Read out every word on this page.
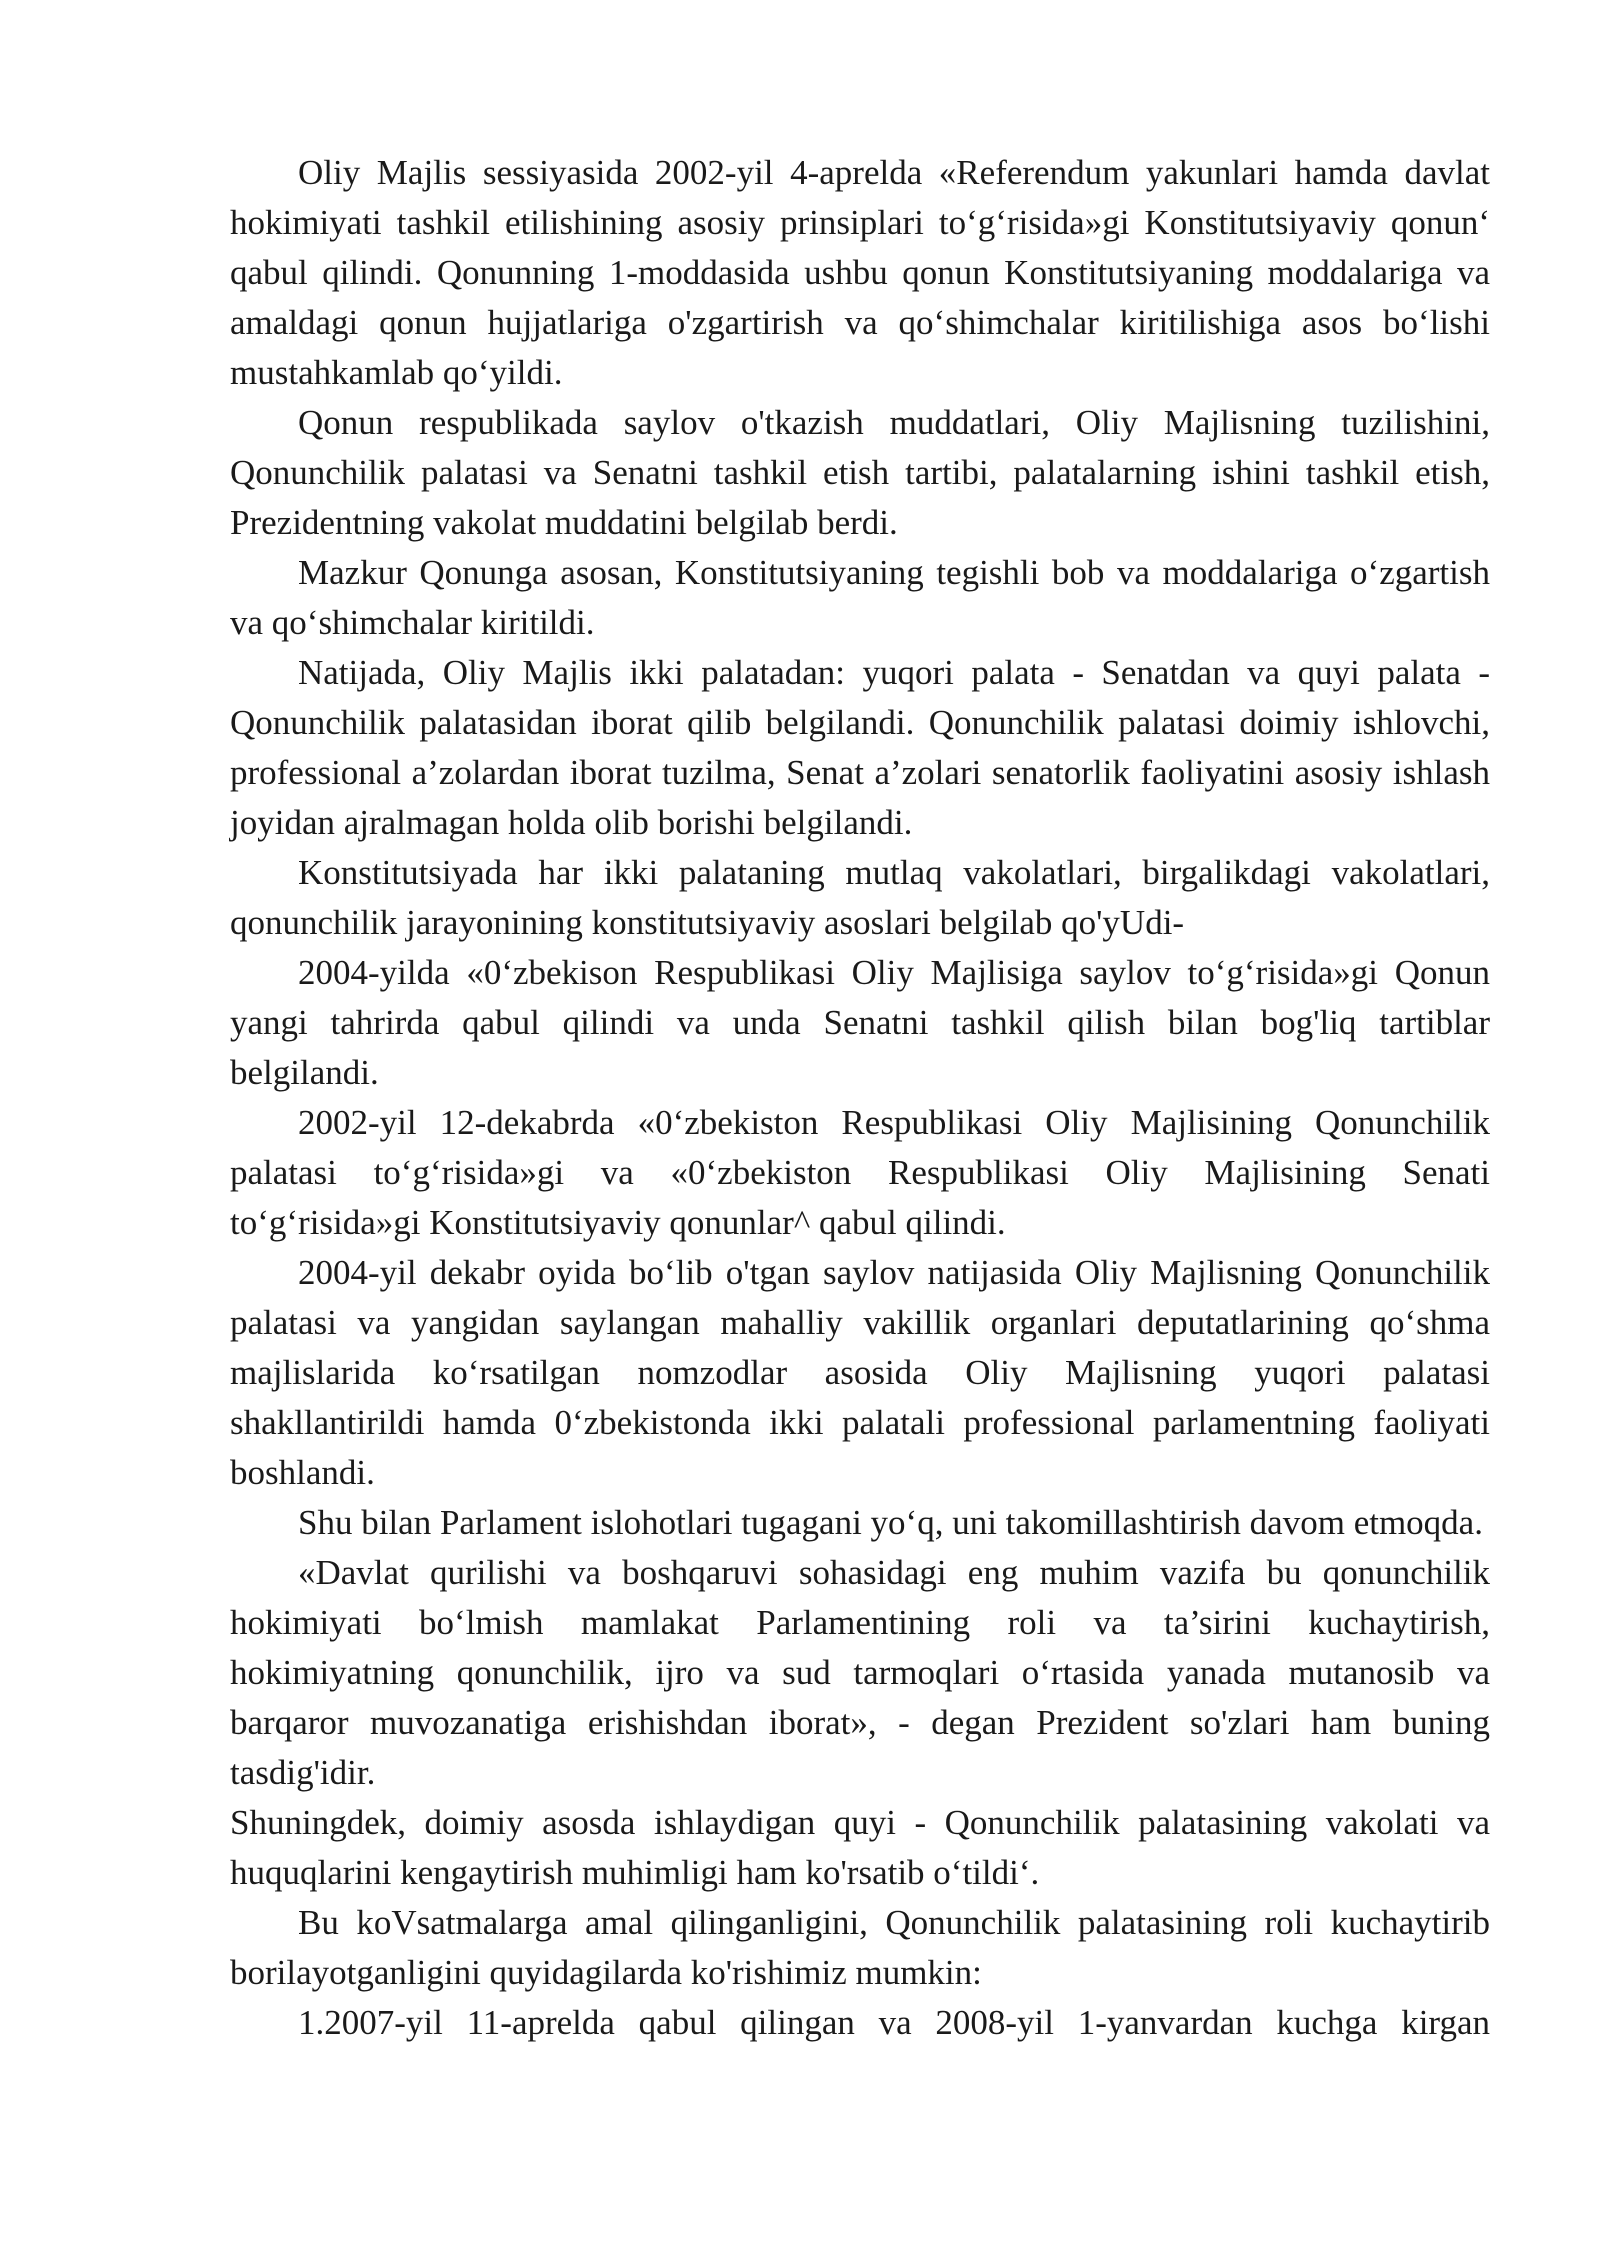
Oliy Majlis sessiyasida 2002-yil 4-aprelda «Referendum yakunlari hamda davlat hokimiyati tashkil etilishining asosiy prinsiplari to‘g‘risida»gi Konstitutsiyaviy qonun‘ qabul qilindi. Qonunning 1-moddasida ushbu qonun Konstitutsiyaning moddalariga va amaldagi qonun hujjatlariga o'zgartirish va qo‘shimchalar kiritilishiga asos bo‘lishi mustahkamlab qo‘yildi.

Qonun respublikada saylov o'tkazish muddatlari, Oliy Majlisning tuzilishini, Qonunchilik palatasi va Senatni tashkil etish tartibi, palatalarning ishini tashkil etish, Prezidentning vakolat muddatini belgilab berdi.

Mazkur Qonunga asosan, Konstitutsiyaning tegishli bob va moddalariga o‘zgartish va qo‘shimchalar kiritildi.

Natijada, Oliy Majlis ikki palatadan: yuqori palata - Senatdan va quyi palata - Qonunchilik palatasidan iborat qilib belgilandi. Qonunchilik palatasi doimiy ishlovchi, professional a’zolardan iborat tuzilma, Senat a’zolari senatorlik faoliyatini asosiy ishlash joyidan ajralmagan holda olib borishi belgilandi.

Konstitutsiyada har ikki palataning mutlaq vakolatlari, birgalikdagi vakolatlari, qonunchilik jarayonining konstitutsiyaviy asoslari belgilab qo'yUdi-

2004-yilda «0‘zbekison Respublikasi Oliy Majlisiga saylov to‘g‘risida»gi Qonun yangi tahrirda qabul qilindi va unda Senatni tashkil qilish bilan bog'liq tartiblar belgilandi.

2002-yil 12-dekabrda «0‘zbekiston Respublikasi Oliy Majlisining Qonunchilik palatasi to‘g‘risida»gi va «0‘zbekiston Respublikasi Oliy Majlisining Senati to‘g‘risida»gi Konstitutsiyaviy qonunlar^ qabul qilindi.

2004-yil dekabr oyida bo‘lib o'tgan saylov natijasida Oliy Majlisning Qonunchilik palatasi va yangidan saylangan mahalliy vakillik organlari deputatlarining qo‘shma majlislarida ko‘rsatilgan nomzodlar asosida Oliy Majlisning yuqori palatasi shakllantirildi hamda 0‘zbekistonda ikki palatali professional parlamentning faoliyati boshlandi.

Shu bilan Parlament islohotlari tugagani yo‘q, uni takomillashtirish davom etmoqda.

«Davlat qurilishi va boshqaruvi sohasidagi eng muhim vazifa bu qonunchilik hokimiyati bo‘lmish mamlakat Parlamentining roli va ta’sirini kuchaytirish, hokimiyatning qonunchilik, ijro va sud tarmoqlari o‘rtasida yanada mutanosib va barqaror muvozanatiga erishishdan iborat», - degan Prezident so'zlari ham buning tasdig'idir.

Shuningdek, doimiy asosda ishlaydigan quyi - Qonunchilik palatasining vakolati va huquqlarini kengaytirish muhimligi ham ko'rsatib o‘tildi‘.

Bu koVsatmalarga amal qilinganligini, Qonunchilik palatasining roli kuchaytirib borilayotganligini quyidagilarda ko'rishimiz mumkin:

1.2007-yil 11-aprelda qabul qilingan va 2008-yil 1-yanvardan kuchga kirgan
